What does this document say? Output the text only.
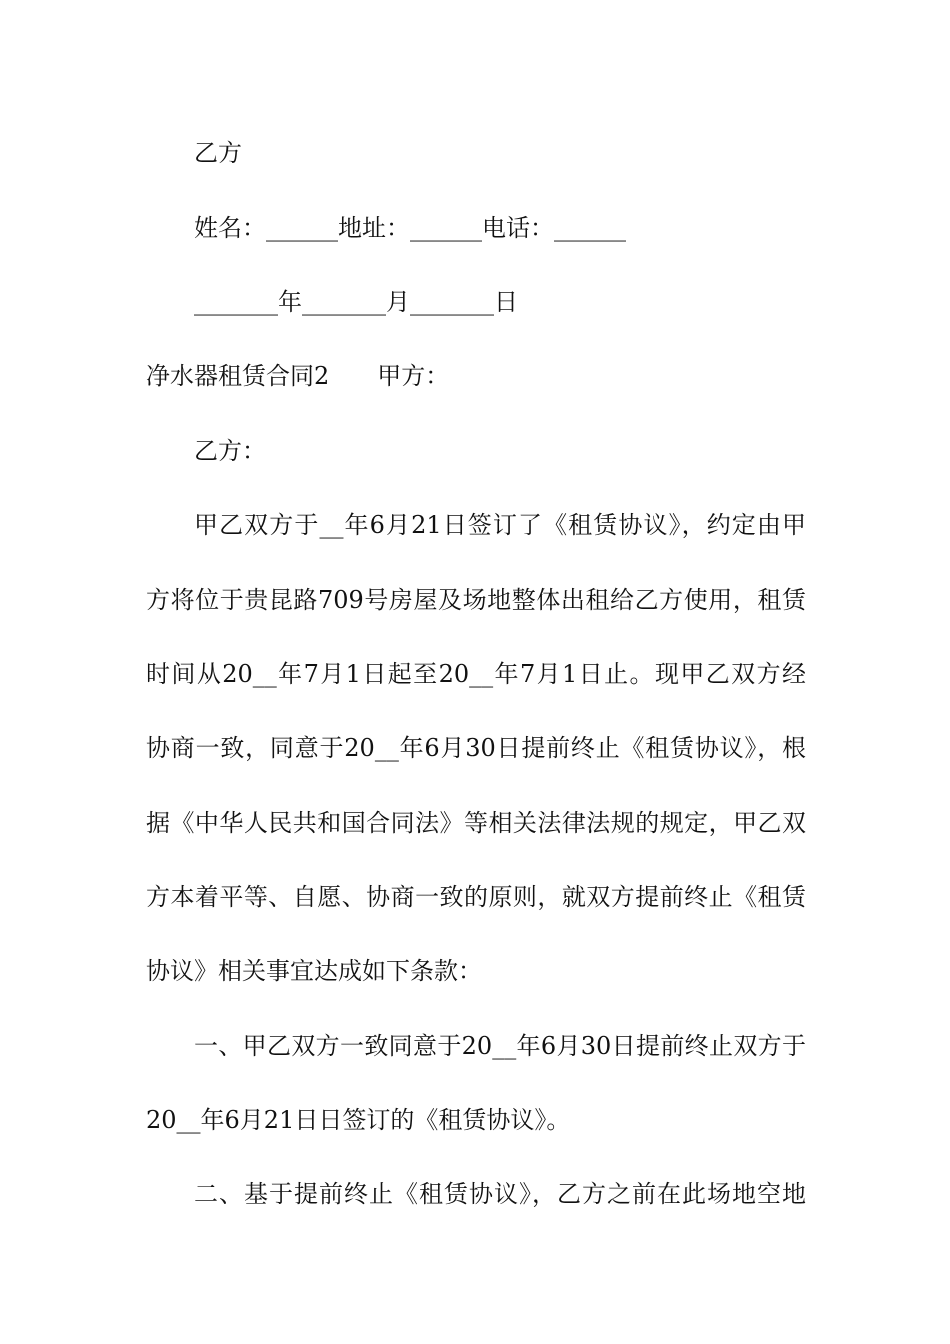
乙方
姓名：______地址：______电话：______
_______年_______月_______日
净水器租赁合同2 甲方：
乙方：
甲乙双方于__年6月21日签订了《租赁协议》，约定由甲
方将位于贵昆路709号房屋及场地整体出租给乙方使用，租赁
时间从20__年7月1日起至20__年7月1日止。现甲乙双方经
协商一致，同意于20__年6月30日提前终止《租赁协议》，根
据《中华人民共和国合同法》等相关法律法规的规定，甲乙双
方本着平等、自愿、协商一致的原则，就双方提前终止《租赁
协议》相关事宜达成如下条款：
一、甲乙双方一致同意于20__年6月30日提前终止双方于
20__年6月21日日签订的《租赁协议》。
二、基于提前终止《租赁协议》，乙方之前在此场地空地
